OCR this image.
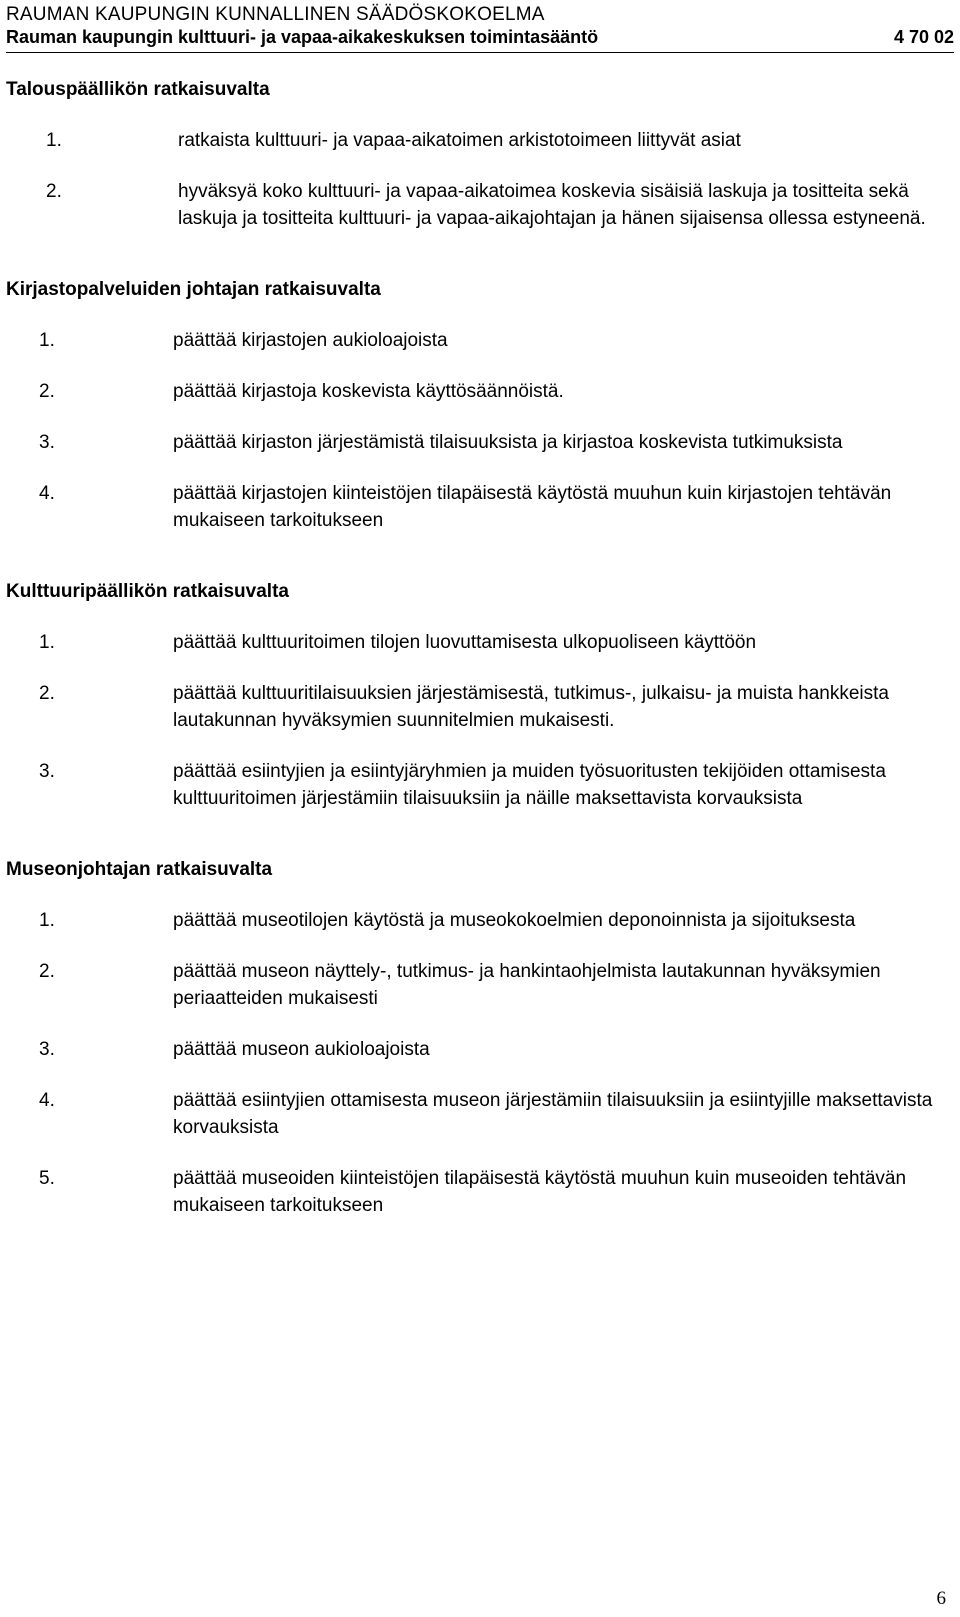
RAUMAN KAUPUNGIN KUNNALLINEN SÄÄDÖSKOKOELMA
Rauman kaupungin kulttuuri- ja vapaa-aikakeskuksen toimintasääntö	4 70 02
Talouspäällikön ratkaisuvalta
1.	ratkaista kulttuuri- ja vapaa-aikatoimen arkistotoimeen liittyvät asiat
2.	hyväksyä koko kulttuuri- ja vapaa-aikatoimea koskevia sisäisiä laskuja ja tositteita sekä laskuja ja tositteita kulttuuri- ja vapaa-aikajohtajan ja hänen sijaisensa ollessa estyneenä.
Kirjastopalveluiden johtajan ratkaisuvalta
1.	päättää kirjastojen aukioloajoista
2.	päättää kirjastoja koskevista käyttösäännöistä.
3.	päättää kirjaston järjestämistä tilaisuuksista ja kirjastoa koskevista tutkimuksista
4.	päättää kirjastojen kiinteistöjen tilapäisestä käytöstä muuhun kuin kirjastojen tehtävän mukaiseen tarkoitukseen
Kulttuuripäällikön ratkaisuvalta
1.	päättää kulttuuritoimen tilojen luovuttamisesta ulkopuoliseen käyttöön
2.	päättää kulttuuritilaisuuksien järjestämisestä, tutkimus-, julkaisu- ja muista hankkeista lautakunnan hyväksymien suunnitelmien mukaisesti.
3.	päättää esiintyjien ja esiintyjäryhmien ja muiden työsuoritusten tekijöiden ottamisesta kulttuuritoimen järjestämiin tilaisuuksiin ja näille maksettavista korvauksista
Museonjohtajan ratkaisuvalta
1.	päättää museotilojen käytöstä ja museokokoelmien deponoinnista ja sijoituksesta
2.	päättää museon näyttely-, tutkimus- ja hankintaohjelmista lautakunnan hyväksymien periaatteiden mukaisesti
3.	päättää museon aukioloajoista
4.	päättää esiintyjien ottamisesta museon järjestämiin tilaisuuksiin ja esiintyjille maksettavista korvauksista
5.	päättää museoiden kiinteistöjen tilapäisestä käytöstä muuhun kuin museoiden tehtävän mukaiseen tarkoitukseen
6
